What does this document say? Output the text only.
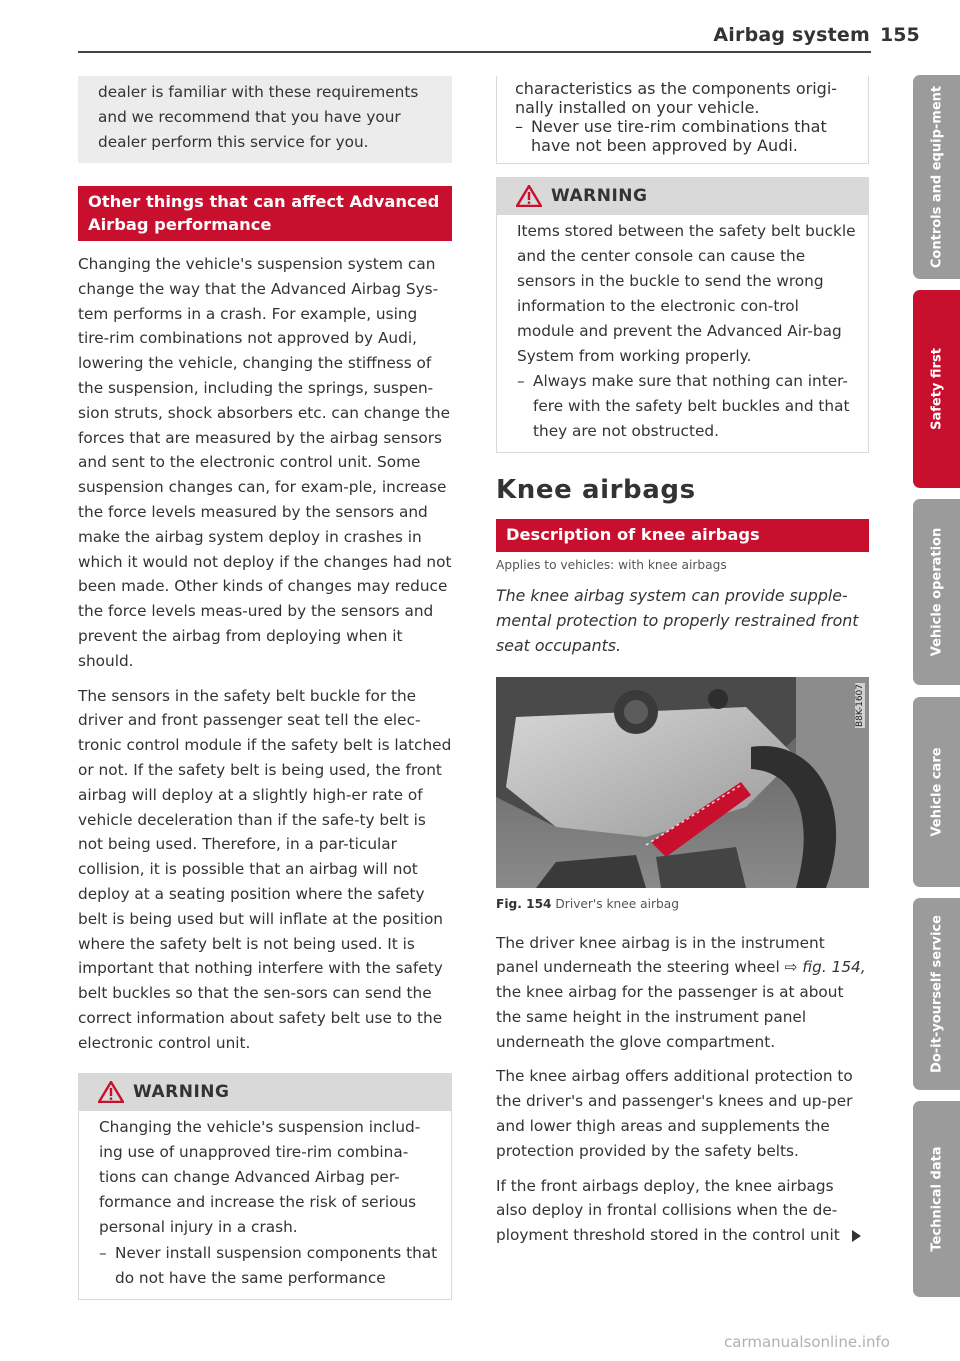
Airbag system 155
dealer is familiar with these requirements and we recommend that you have your dealer perform this service for you.
Other things that can affect Advanced Airbag performance

Changing the vehicle's suspension system can change the way that the Advanced Airbag Sys-tem performs in a crash. For example, using tire-rim combinations not approved by Audi, lowering the vehicle, changing the stiffness of the suspension, including the springs, suspen-sion struts, shock absorbers etc. can change the forces that are measured by the airbag sensors and sent to the electronic control unit. Some suspension changes can, for exam-ple, increase the force levels measured by the sensors and make the airbag system deploy in crashes in which it would not deploy if the changes had not been made. Other kinds of changes may reduce the force levels meas-ured by the sensors and prevent the airbag from deploying when it should.

The sensors in the safety belt buckle for the driver and front passenger seat tell the elec-tronic control module if the safety belt is latched or not. If the safety belt is being used, the front airbag will deploy at a slightly high-er rate of vehicle deceleration than if the safe-ty belt is not being used. Therefore, in a par-ticular collision, it is possible that an airbag will not deploy at a seating position where the safety belt is being used but will inflate at the position where the safety belt is not being used. It is important that nothing interfere with the safety belt buckles so that the sen-sors can send the correct information about safety belt use to the electronic control unit.

WARNING
Changing the vehicle's suspension includ-ing use of unapproved tire-rim combina-tions can change Advanced Airbag per-formance and increase the risk of serious personal injury in a crash.
– Never install suspension components that do not have the same performance
characteristics as the components origi-nally installed on your vehicle.
– Never use tire-rim combinations that have not been approved by Audi.
WARNING
Items stored between the safety belt buckle and the center console can cause the sensors in the buckle to send the wrong information to the electronic con-trol module and prevent the Advanced Air-bag System from working properly.
– Always make sure that nothing can inter-fere with the safety belt buckles and that they are not obstructed.
Knee airbags
Description of knee airbags
Applies to vehicles: with knee airbags
The knee airbag system can provide supple-mental protection to properly restrained front seat occupants.
B8K-1607
Fig. 154 Driver's knee airbag

The driver knee airbag is in the instrument panel underneath the steering wheel ⇨ fig. 154, the knee airbag for the passenger is at about the same height in the instrument panel underneath the glove compartment.

The knee airbag offers additional protection to the driver's and passenger's knees and up-per and lower thigh areas and supplements the protection provided by the safety belts.

If the front airbags deploy, the knee airbags also deploy in frontal collisions when the de-ployment threshold stored in the control unit

Controls and equip-ment
Safety first
Vehicle operation
Vehicle care
Do-it-yourself service
Technical data
carmanualsonline.info
